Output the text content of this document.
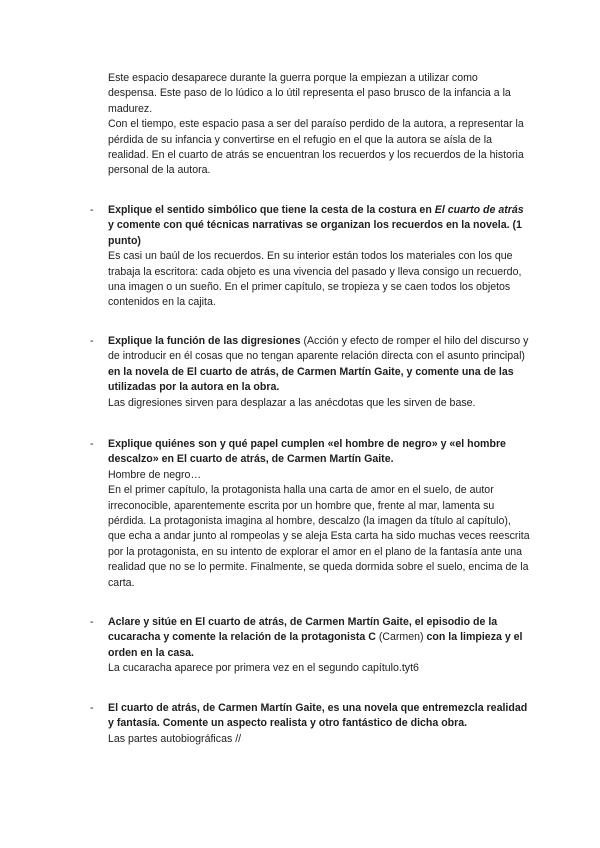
Este espacio desaparece durante la guerra porque la empiezan a utilizar como despensa. Este paso de lo lúdico a lo útil representa el paso brusco de la infancia a la madurez.

Con el tiempo, este espacio pasa a ser del paraíso perdido de la autora, a representar la pérdida de su infancia y convertirse en el refugio en el que la autora se aísla de la realidad. En el cuarto de atrás se encuentran los recuerdos y los recuerdos de la historia personal de la autora.

-	Explique el sentido simbólico que tiene la cesta de la costura en El cuarto de atrás y comente con qué técnicas narrativas se organizan los recuerdos en la novela. (1 punto)

Es casi un baúl de los recuerdos. En su interior están todos los materiales con los que trabaja la escritora: cada objeto es una vivencia del pasado y lleva consigo un recuerdo, una imagen o un sueño. En el primer capítulo, se tropieza y se caen todos los objetos contenidos en la cajita.

-	Explique la función de las digresiones (Acción y efecto de romper el hilo del discurso y de introducir en él cosas que no tengan aparente relación directa con el asunto principal) en la novela de El cuarto de atrás, de Carmen Martín Gaite, y comente una de las utilizadas por la autora en la obra.

Las digresiones sirven para desplazar a las anécdotas que les sirven de base.

-	Explique quiénes son y qué papel cumplen «el hombre de negro» y «el hombre descalzo» en El cuarto de atrás, de Carmen Martín Gaite.

Hombre de negro…

En el primer capítulo, la protagonista halla una carta de amor en el suelo, de autor irreconocible, aparentemente escrita por un hombre que, frente al mar, lamenta su pérdida. La protagonista imagina al hombre, descalzo (la imagen da título al capítulo), que echa a andar junto al rompeolas y se aleja Esta carta ha sido muchas veces reescrita por la protagonista, en su intento de explorar el amor en el plano de la fantasía ante una realidad que no se lo permite. Finalmente, se queda dormida sobre el suelo, encima de la carta.

-	Aclare y sitúe en El cuarto de atrás, de Carmen Martín Gaite, el episodio de la cucaracha y comente la relación de la protagonista C (Carmen) con la limpieza y el orden en la casa.

La cucaracha aparece por primera vez en el segundo capítulo.tyt6

-	El cuarto de atrás, de Carmen Martín Gaite, es una novela que entremezcla realidad y fantasía. Comente un aspecto realista y otro fantástico de dicha obra.

Las partes autobiográficas //
